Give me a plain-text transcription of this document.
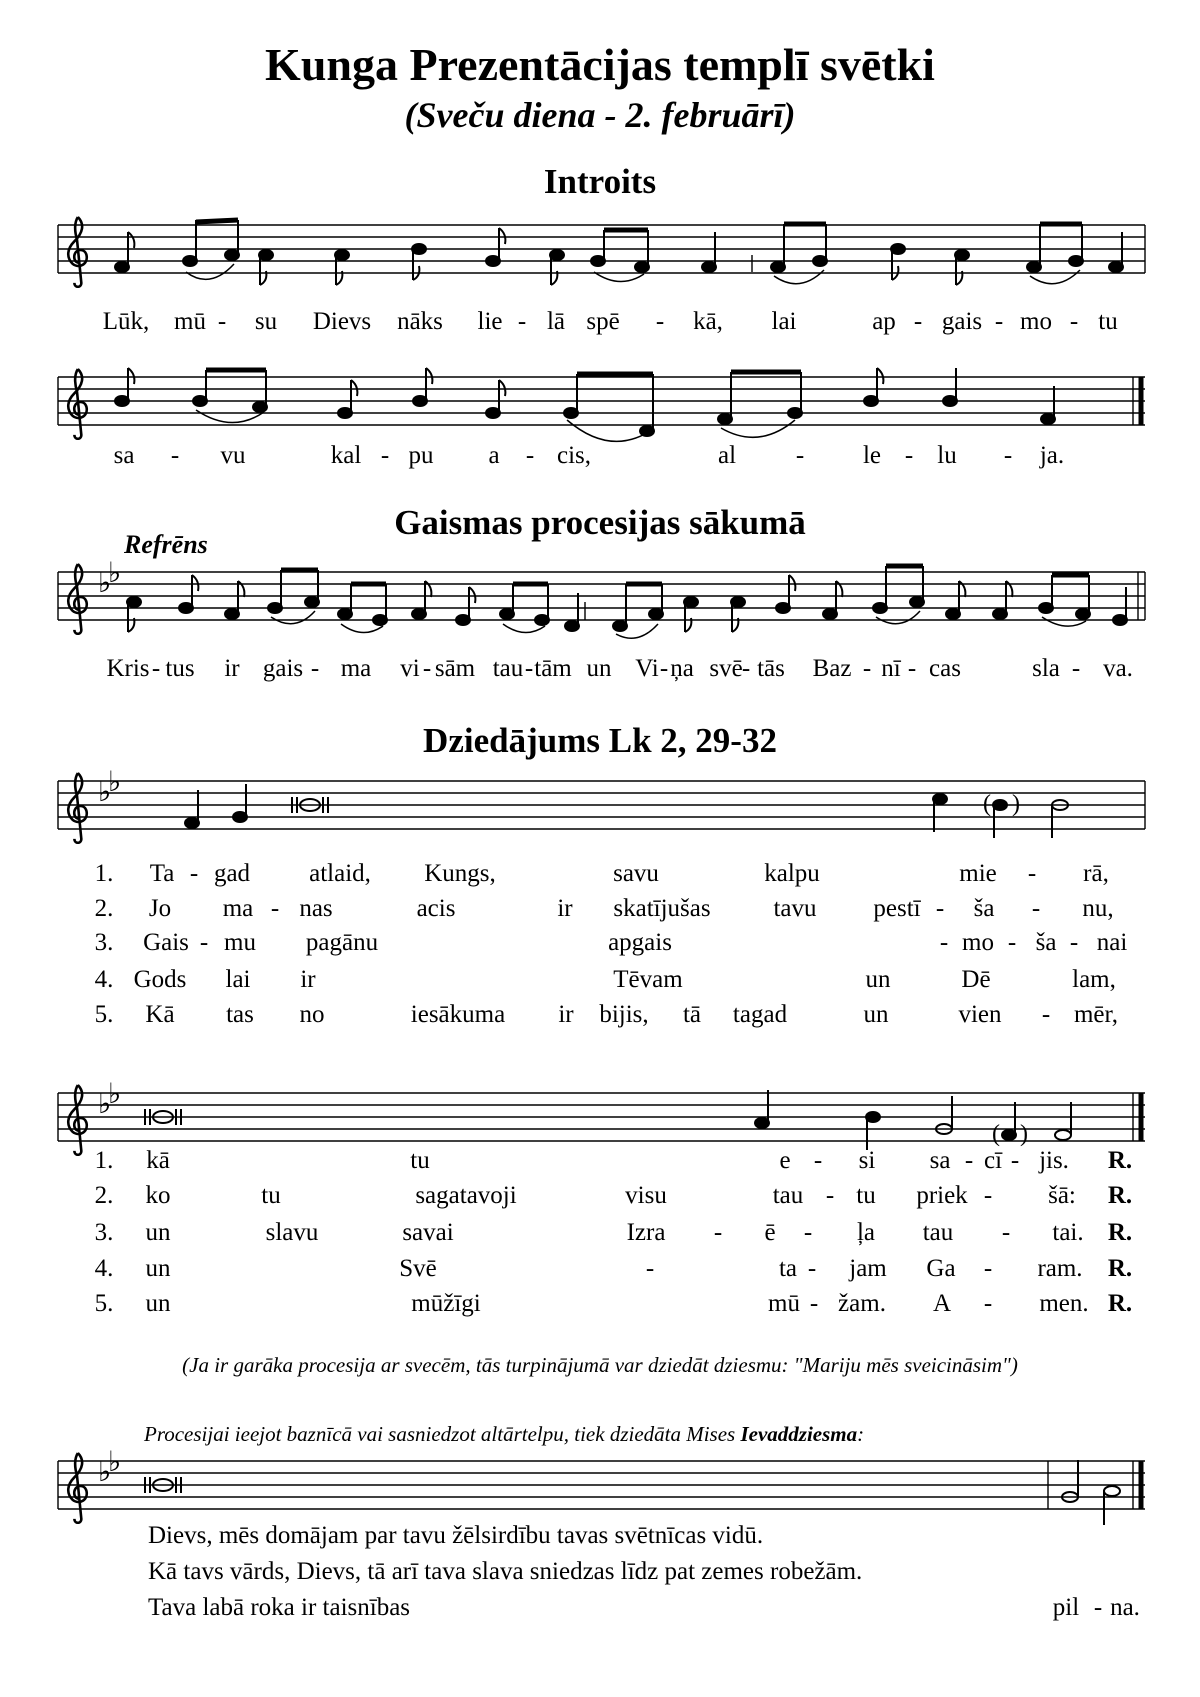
Kunga Prezentācijas templī svētki
(Sveču diena - 2. februārī)
Introits
♭
♭
♭
♭
( )
♭
♭
( )
♭
♭
Lūk, mū - su Dievs nāks lie - lā spē - kā, lai	ap - gais - mo - tu
sa - vu	kal - pu a - cis,	al - le - lu - ja.
Gaismas procesijas sākumā
Refrēns
Kris - tus ir gais - ma vi - sām tau - tām un Vi - ņa svē - tās Baz - nī - cas	sla - va.
Dziedājums Lk 2, 29-32
1. Ta - gad atlaid, Kungs,	savu	kalpu	mie - rā,
2. Jo ma - nas	acis	ir skatījušas	tavu pestī - ša - nu,
3. Gais - mu pagānu	apgais	- mo - ša - nai
4. Gods lai ir	Tēvam	un	Dē	lam,
5. Kā tas no	iesākuma ir bijis, tā tagad	un	vien - mēr,
1. kā	tu	e - si sa - cī - jis. R.
2. ko	tu	sagatavoji	visu	tau - tu priek - šā: R.
3. un	slavu	savai	Izra - ē - ļa tau - tai. R.
4. un	Svē	-	ta - jam Ga - ram. R.
5. un	mūžīgi	mū - žam. A - men. R.
(Ja ir garāka procesija ar svecēm, tās turpinājumā var dziedāt dziesmu: "Mariju mēs sveicināsim")
Procesijai ieejot baznīcā vai sasniedzot altārtelpu, tiek dziedāta Mises Ievaddziesma:
Dievs, mēs domājam par tavu žēlsirdību tavas svētnīcas vidū.
Kā tavs vārds, Dievs, tā arī tava slava sniedzas līdz pat zemes robežām.
Tava labā roka ir taisnības	pil - na.
